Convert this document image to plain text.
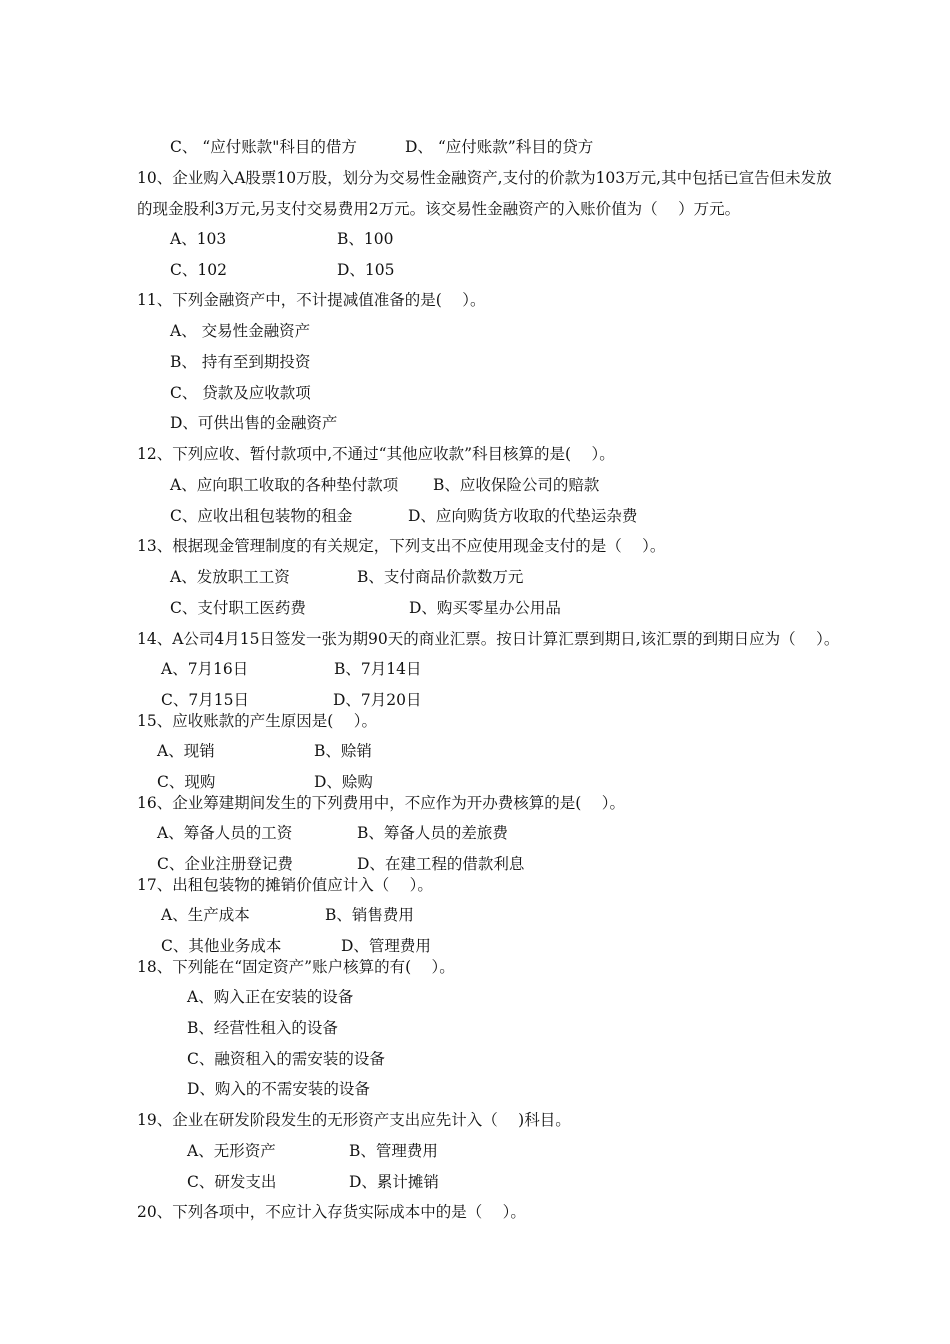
C、 “应付账款"科目的借方	D、 “应付账款”科目的贷方
10、企业购入A股票10万股，划分为交易性金融资产,支付的价款为103万元,其中包括已宣告但未发放
的现金股利3万元,另支付交易费用2万元。该交易性金融资产的入账价值为（　 ）万元。
A、103	B、100
C、102	D、105
11、下列金融资产中，不计提减值准备的是(　 ）。
A、 交易性金融资产
B、 持有至到期投资
C、 贷款及应收款项
D、可供出售的金融资产
12、下列应收、暂付款项中,不通过“其他应收款”科目核算的是(　 ）。
A、应向职工收取的各种垫付款项 B、应收保险公司的赔款
C、应收出租包装物的租金	D、应向购货方收取的代垫运杂费
13、根据现金管理制度的有关规定，下列支出不应使用现金支付的是（　 ）。
A、发放职工工资	B、支付商品价款数万元
C、支付职工医药费	D、购买零星办公用品
14、A公司4月15日签发一张为期90天的商业汇票。按日计算汇票到期日,该汇票的到期日应为（　 ）。
A、7月16日	B、7月14日
C、7月15日	D、7月20日
15、应收账款的产生原因是(　 ）。
A、现销	B、赊销
C、现购	D、赊购
16、企业筹建期间发生的下列费用中，不应作为开办费核算的是(　 ）。
A、筹备人员的工资	B、筹备人员的差旅费
C、企业注册登记费	D、在建工程的借款利息
17、出租包装物的摊销价值应计入（　 ）。
A、生产成本	B、销售费用
C、其他业务成本	D、管理费用
18、下列能在“固定资产”账户核算的有(　 ）。
A、购入正在安装的设备
B、经营性租入的设备
C、融资租入的需安装的设备
D、购入的不需安装的设备
19、企业在研发阶段发生的无形资产支出应先计入（　 )科目。
A、无形资产	B、管理费用
C、研发支出	D、累计摊销
20、下列各项中，不应计入存货实际成本中的是（　 ）。
